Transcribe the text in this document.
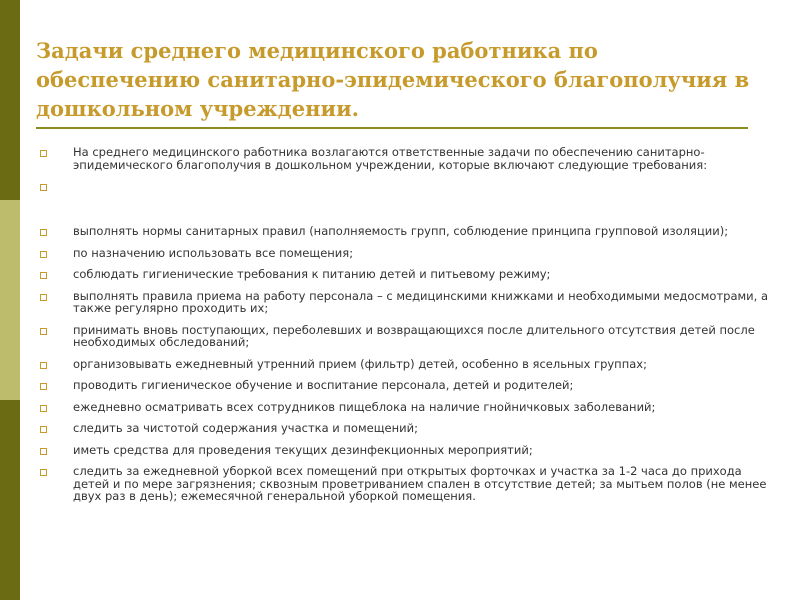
Задачи среднего медицинского работника по обеспечению санитарно-эпидемического благополучия в дошкольном учреждении.
На среднего медицинского работника возлагаются ответственные задачи по обеспечению санитарно-эпидемического благополучия в дошкольном учреждении, которые включают следующие требования:
выполнять нормы санитарных правил (наполняемость групп, соблюдение принципа групповой изоляции);
по назначению использовать все помещения;
соблюдать гигиенические требования к питанию детей и питьевому режиму;
выполнять правила приема на работу персонала – с медицинскими книжками и необходимыми медосмотрами, а также регулярно проходить их;
принимать вновь поступающих, переболевших и возвращающихся после длительного отсутствия детей после необходимых обследований;
организовывать ежедневный утренний прием (фильтр) детей, особенно в ясельных группах;
проводить гигиеническое обучение и воспитание персонала, детей и родителей;
ежедневно осматривать всех сотрудников пищеблока на наличие гнойничковых заболеваний;
следить за чистотой содержания участка и помещений;
иметь средства для проведения текущих дезинфекционных мероприятий;
следить за ежедневной уборкой всех помещений при открытых форточках и участка за 1-2 часа до прихода детей и по мере загрязнения; сквозным проветриванием спален в отсутствие детей; за мытьем полов (не менее двух раз в день); ежемесячной генеральной уборкой помещения.
